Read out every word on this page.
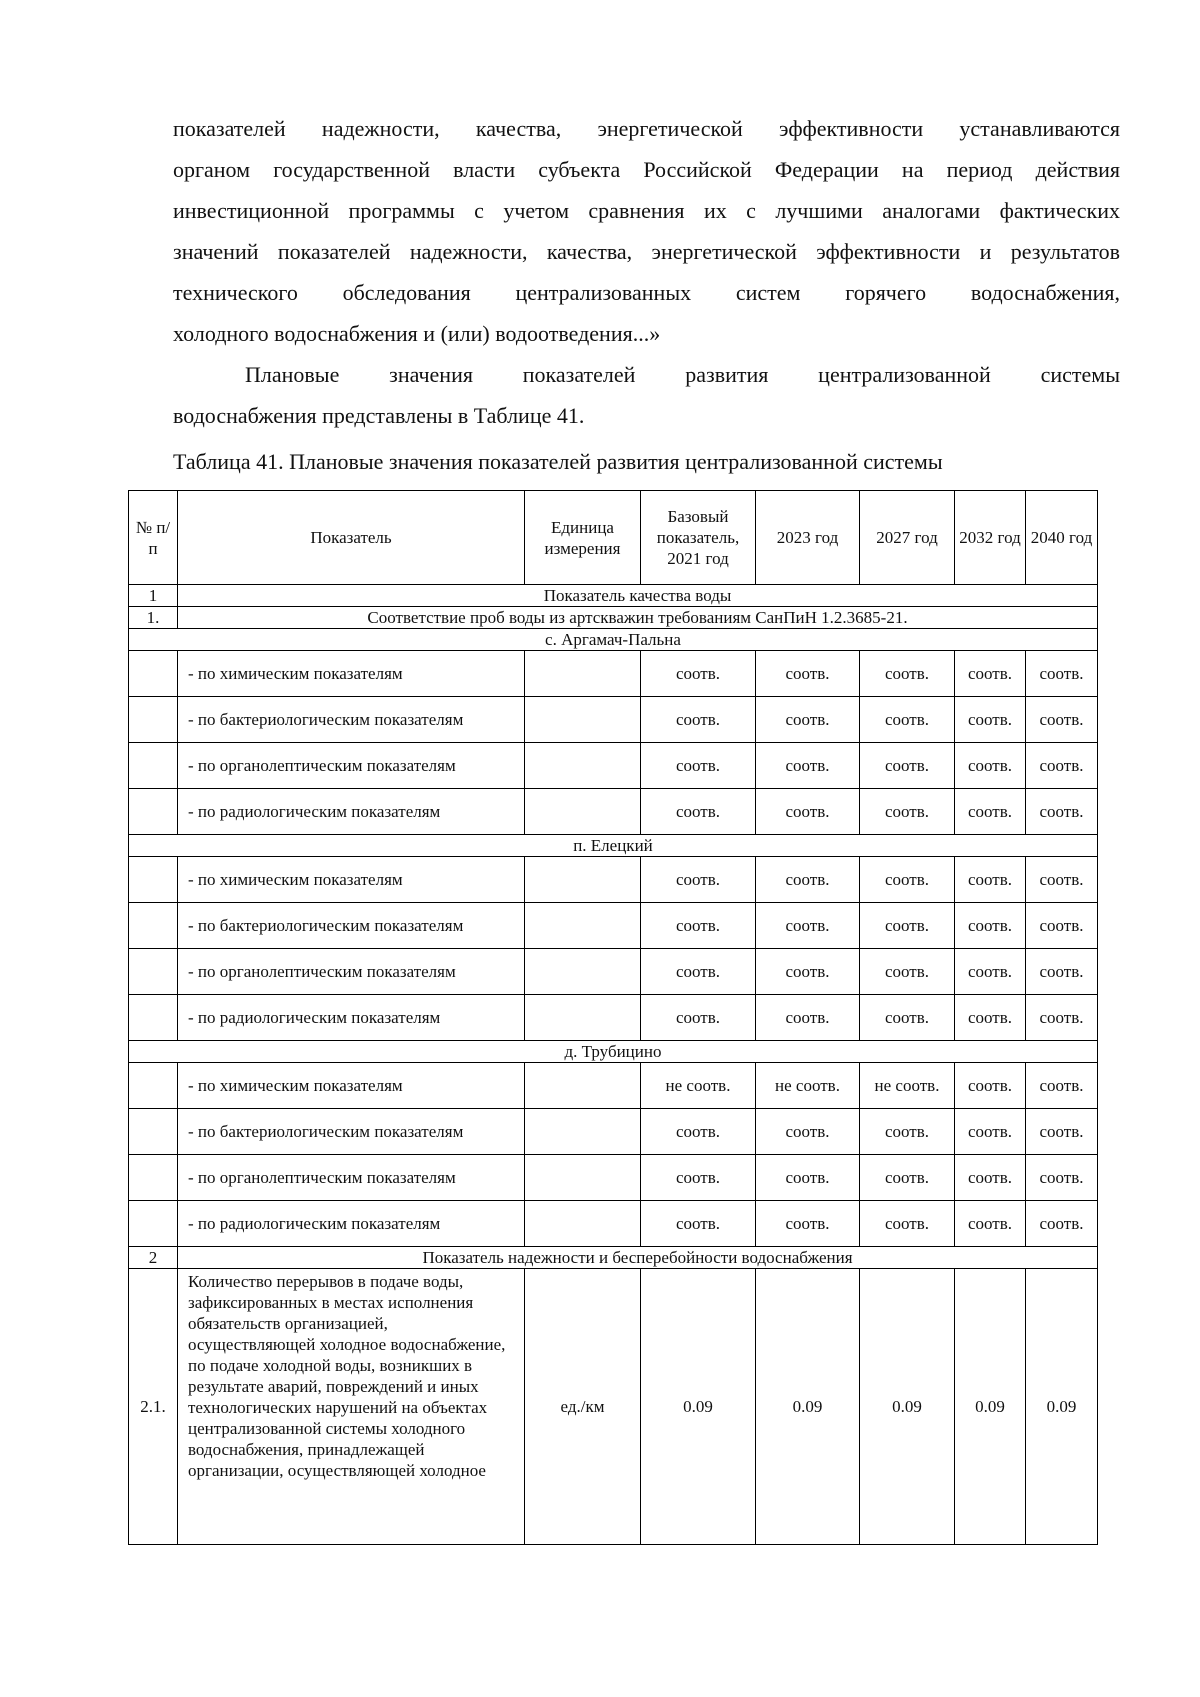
показателей надежности, качества, энергетической эффективности устанавливаются

органом государственной власти субъекта Российской Федерации на период действия

инвестиционной программы с учетом сравнения их с лучшими аналогами фактических

значений показателей надежности, качества, энергетической эффективности и результатов

технического обследования централизованных систем горячего водоснабжения,

холодного водоснабжения и (или) водоотведения...»

Плановые значения показателей развития централизованной системы

водоснабжения представлены в Таблице 41.

Таблица 41. Плановые значения показателей развития централизованной системы
№ п/п	Показатель	Единица измерения	Базовый показатель, 2021 год	2023 год	2027 год	2032 год	2040 год
1	Показатель качества воды						
1.	Соответствие проб воды из артскважин требованиям СанПиН 1.2.3685-21.						
с. Аргамач-Пальна							
	- по химическим показателям		соотв.	соотв.	соотв.	соотв.	соотв.
	- по бактериологическим показателям		соотв.	соотв.	соотв.	соотв.	соотв.
	- по органолептическим показателям		соотв.	соотв.	соотв.	соотв.	соотв.
	- по радиологическим показателям		соотв.	соотв.	соотв.	соотв.	соотв.
п. Елецкий							
	- по химическим показателям		соотв.	соотв.	соотв.	соотв.	соотв.
	- по бактериологическим показателям		соотв.	соотв.	соотв.	соотв.	соотв.
	- по органолептическим показателям		соотв.	соотв.	соотв.	соотв.	соотв.
	- по радиологическим показателям		соотв.	соотв.	соотв.	соотв.	соотв.
д. Трубицино							
	- по химическим показателям		не соотв.	не соотв.	не соотв.	соотв.	соотв.
	- по бактериологическим показателям		соотв.	соотв.	соотв.	соотв.	соотв.
	- по органолептическим показателям		соотв.	соотв.	соотв.	соотв.	соотв.
	- по радиологическим показателям		соотв.	соотв.	соотв.	соотв.	соотв.
2	Показатель надежности и бесперебойности водоснабжения						
2.1.	Количество перерывов в подаче воды, зафиксированных в местах исполнения обязательств организацией, осуществляющей холодное водоснабжение, по подаче холодной воды, возникших в результате аварий, повреждений и иных технологических нарушений на объектах централизованной системы холодного водоснабжения, принадлежащей организации, осуществляющей холодное	ед./км	0.09	0.09	0.09	0.09	0.09
